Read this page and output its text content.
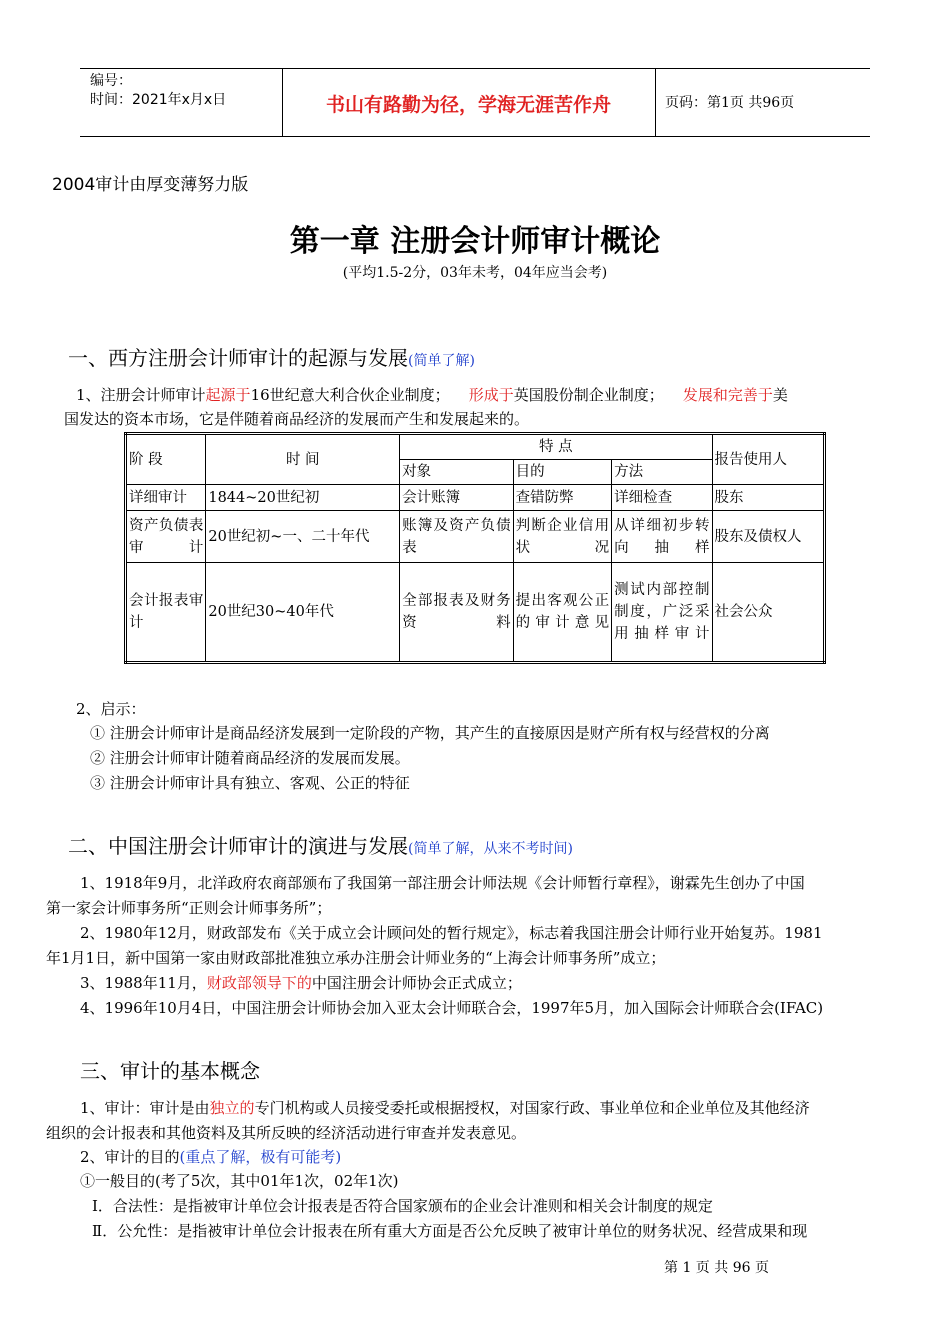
编号：
时间：2021年x月x日	书山有路勤为径，学海无涯苦作舟	页码：第1页 共96页
2004审计由厚变薄努力版
第一章 注册会计师审计概论
(平均1.5-2分，03年未考，04年应当会考)
一、西方注册会计师审计的起源与发展(简单了解)
1、注册会计师审计起源于16世纪意大利合伙企业制度； 形成于英国股份制企业制度； 发展和完善于美
国发达的资本市场，它是伴随着商品经济的发展而产生和发展起来的。
阶 段	时 间	特 点			报告使用人
		对象	目的	方法	
详细审计	1844~20世纪初	会计账簿	查错防弊	详细检查	股东
资产负债表审计	20世纪初~一、二十年代	账簿及资产负债表	判断企业信用状况	从详细初步转向抽样	股东及债权人
会计报表审计	20世纪30~40年代	全部报表及财务资料	提出客观公正的审计意见	测试内部控制制度，广泛采用抽样审计	社会公众
2、启示：
① 注册会计师审计是商品经济发展到一定阶段的产物，其产生的直接原因是财产所有权与经营权的分离
② 注册会计师审计随着商品经济的发展而发展。
③ 注册会计师审计具有独立、客观、公正的特征
二、中国注册会计师审计的演进与发展(简单了解，从来不考时间)
1、1918年9月，北洋政府农商部颁布了我国第一部注册会计师法规《会计师暂行章程》，谢霖先生创办了中国
第一家会计师事务所“正则会计师事务所”；
2、1980年12月，财政部发布《关于成立会计顾问处的暂行规定》，标志着我国注册会计师行业开始复苏。1981
年1月1日，新中国第一家由财政部批准独立承办注册会计师业务的“上海会计师事务所”成立；
3、1988年11月，财政部领导下的中国注册会计师协会正式成立；
4、1996年10月4日，中国注册会计师协会加入亚太会计师联合会，1997年5月，加入国际会计师联合会(IFAC)
三、审计的基本概念
1、审计：审计是由独立的专门机构或人员接受委托或根据授权，对国家行政、事业单位和企业单位及其他经济
组织的会计报表和其他资料及其所反映的经济活动进行审查并发表意见。
2、审计的目的(重点了解，极有可能考)
①一般目的(考了5次，其中01年1次，02年1次)
Ⅰ．合法性：是指被审计单位会计报表是否符合国家颁布的企业会计准则和相关会计制度的规定
Ⅱ．公允性：是指被审计单位会计报表在所有重大方面是否公允反映了被审计单位的财务状况、经营成果和现
第 1 页 共 96 页
